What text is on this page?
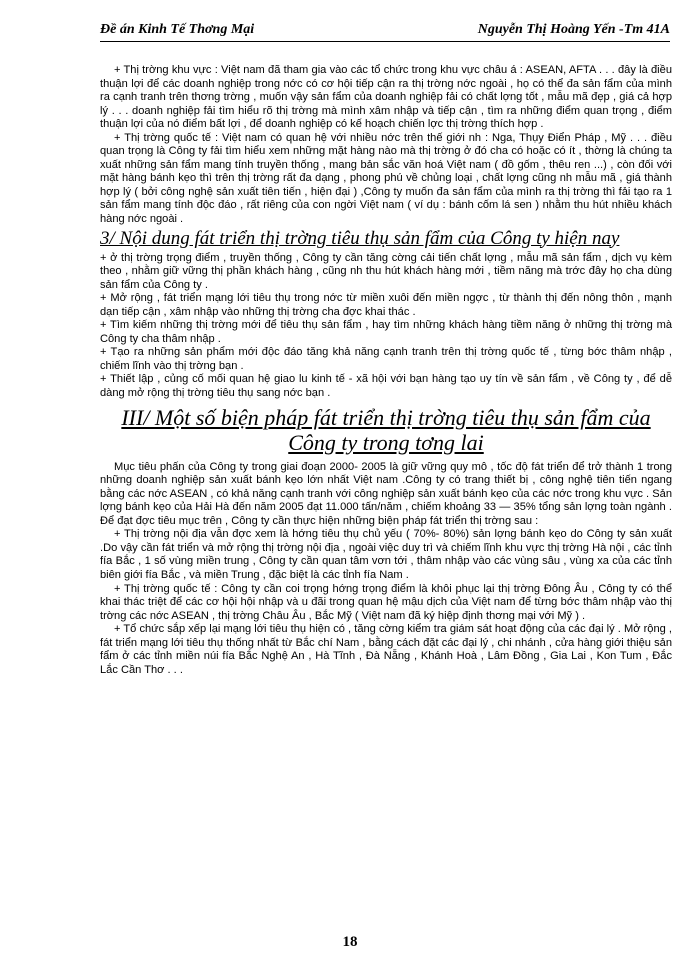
Đề án Kinh Tế Thơng Mại	Nguyễn Thị Hoàng Yến -Tm 41A

+ Thị trờng khu vực : Việt nam đã tham gia vào các tổ chức trong khu vực châu á : ASEAN, AFTA . . . đây là điều thuận lợi để các doanh nghiệp trong nớc có cơ hội tiếp cận ra thị trờng nớc ngoài , họ có thể đa sản fẩm của mình ra cạnh tranh trên thơng trờng , muốn vậy sản fẩm của doanh nghiệp fải có chất lợng tốt , mẫu mã đẹp , giá cả hợp lý . . . doanh nghiệp fải tìm hiểu rõ thị trờng mà mình xâm nhập và tiếp cận , tìm ra những điểm quan trọng , điểm thuận lợi của nó điểm bất lợi , để doanh nghiệp có kế hoạch chiến lợc thị trờng thích hợp .

+ Thị trờng quốc tế : Việt nam có quan hệ với nhiều nớc trên thế giới nh : Nga, Thụy Điển Pháp , Mỹ . . . điều quan trọng là Công ty fải tìm hiểu xem những mặt hàng nào mà thị trờng ở đó cha có hoặc có ít , thờng là chúng ta xuất những sản fẩm mang tính truyền thống , mang bản sắc văn hoá Việt nam ( đồ gốm , thêu ren ...) , còn đối với mặt hàng bánh kẹo thì trên thị trờng rất đa dạng , phong phú về chủng loại , chất lợng cũng nh mẫu mã , giá thành hợp lý ( bởi công nghệ sản xuất tiên tiến , hiện đại ) ,Công ty muốn đa sản fẩm của mình ra thị trờng thì fải tạo ra 1 sản fẩm mang tính độc đáo , rất riêng của con ngời Việt nam ( ví dụ : bánh cốm lá sen ) nhằm thu hút nhiều khách hàng nớc ngoài .

3/ Nội dung fát triển thị trờng tiêu thụ sản fẩm của Công ty hiện nay

+ ở thị trờng trọng điểm , truyền thống , Công ty cần tăng cờng cải tiến chất lợng , mẫu mã sản fẩm , dịch vụ kèm theo , nhằm giữ vững thị phần khách hàng , cũng nh thu hút khách hàng mới , tiềm năng mà trớc đây họ cha dùng sản fẩm của Công ty .

+ Mở rộng , fát triển mạng lới tiêu thụ trong nớc từ miền xuôi đến miền ngợc , từ thành thị đến nông thôn , mạnh dạn tiếp cận , xâm nhập vào những thị trờng cha đợc khai thác .

+ Tìm kiếm những thị trờng mới để tiêu thụ sản fẩm , hay tìm những khách hàng tiềm năng ở những thị trờng mà Công ty cha thâm nhập .

+ Tạo ra những sản phẩm mới độc đáo tăng khả năng cạnh tranh trên thị trờng quốc tế , từng bớc thâm nhập , chiếm lĩnh vào thị trờng bạn .

+ Thiết lập , củng cố mối quan hệ giao lu kinh tế - xã hội với bạn hàng tạo uy tín về sản fẩm , về Công ty , để dễ dàng mở rộng thị trờng tiêu thụ sang nớc bạn .

III/ Một số biện pháp fát triển thị trờng tiêu thụ sản fẩm của Công ty trong tơng lai

Mục tiêu phấn của Công ty trong giai đoạn 2000- 2005 là giữ vững quy mô , tốc độ fát triển để trở thành 1 trong những doanh nghiệp sản xuất bánh kẹo lớn nhất Việt nam .Công ty có trang thiết bị , công nghệ tiên tiến ngang bằng các nớc ASEAN , có khả năng cạnh tranh với công nghiệp sản xuất bánh kẹo của các nớc trong khu vực . Sản lợng bánh kẹo của Hải Hà đến năm 2005 đạt 11.000 tấn/năm , chiếm khoảng 33 — 35% tổng sản lợng toàn ngành . Để đạt đợc tiêu mục trên , Công ty cần thực hiện những biện pháp fát triển thị trờng sau :

+ Thị trờng nội địa vẫn đợc xem là hớng tiêu thụ chủ yếu ( 70%- 80%) sản lợng bánh kẹo do Công ty sản xuất .Do vậy cần fát triển và mở rộng thị trờng nội địa , ngoài việc duy trì và chiếm lĩnh khu vực thị trờng Hà nội , các tỉnh fía Bắc , 1 số vùng miền trung , Công ty cần quan tâm vơn tới , thâm nhập vào các vùng sâu , vùng xa của các tỉnh biên giới fía Bắc , và miền Trung , đặc biệt là các tỉnh fía Nam .

+ Thị trờng quốc tế : Công ty cần coi trọng hớng trọng điểm là khôi phục lại thị trờng Đông Âu , Công ty có thể khai thác triệt để các cơ hội hội nhập và u đãi trong quan hệ mậu dịch của Việt nam để từng bớc thâm nhập vào thị trờng các nớc ASEAN , thị trờng Châu Âu , Bắc Mỹ ( Việt nam đã ký hiệp định thơng mại với Mỹ ) .

+ Tổ chức sắp xếp lại mạng lới tiêu thụ hiện có , tăng cờng kiểm tra giám sát hoạt động của các đại lý . Mở rộng , fát triển mạng lới tiêu thụ thống nhất từ Bắc chí Nam , bằng cách đặt các đại lý , chi nhánh , cửa hàng giới thiệu sản fẩm ở các tỉnh miền núi fía Bắc Nghệ An , Hà Tĩnh , Đà Nẵng , Khánh Hoà , Lâm Đồng , Gia Lai , Kon Tum , Đắc Lắc Cần Thơ . . .

18
